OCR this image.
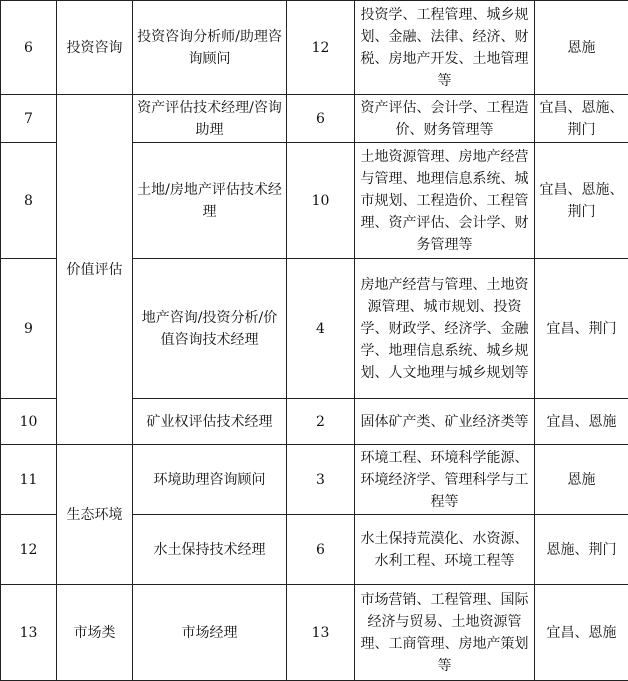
6	投资咨询	投资咨询分析师/助理咨询顾问	12	投资学、工程管理、城乡规划、金融、法律、经济、财税、房地产开发、土地管理等	恩施
7	价值评估	资产评估技术经理/咨询助理	6	资产评估、会计学、工程造价、财务管理等	宜昌、恩施、荆门
8		土地/房地产评估技术经理	10	土地资源管理、房地产经营与管理、地理信息系统、城市规划、工程造价、工程管理、资产评估、会计学、财务管理等	宜昌、恩施、荆门
9		地产咨询/投资分析/价值咨询技术经理	4	房地产经营与管理、土地资源管理、城市规划、投资学、财政学、经济学、金融学、地理信息系统、城乡规划、人文地理与城乡规划等	宜昌、荆门
10		矿业权评估技术经理	2	固体矿产类、矿业经济类等	宜昌、恩施
11	生态环境	环境助理咨询顾问	3	环境工程、环境科学能源、环境经济学、管理科学与工程等	恩施
12		水土保持技术经理	6	水土保持荒漠化、水资源、水利工程、环境工程等	恩施、荆门
13	市场类	市场经理	13	市场营销、工程管理、国际经济与贸易、土地资源管理、工商管理、房地产策划等	宜昌、恩施
